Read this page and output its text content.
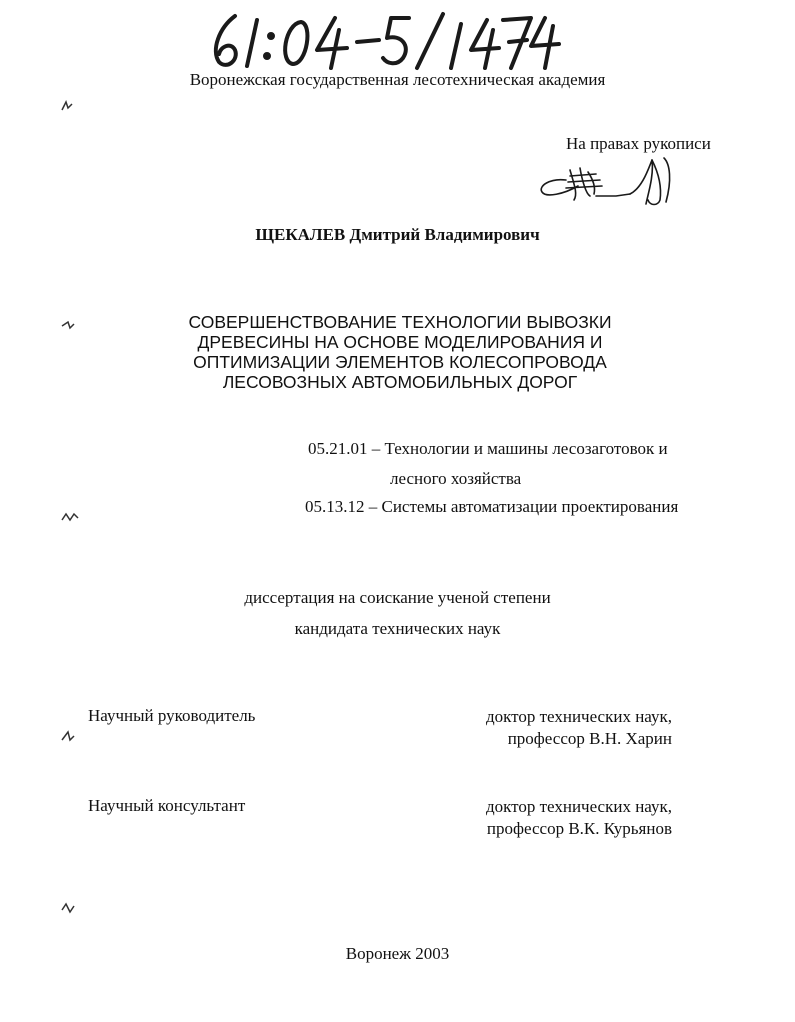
Воронежская государственная лесотехническая академия
На правах рукописи
ЩЕКАЛЕВ Дмитрий Владимирович
СОВЕРШЕНСТВОВАНИЕ ТЕХНОЛОГИИ ВЫВОЗКИ
ДРЕВЕСИНЫ НА ОСНОВЕ МОДЕЛИРОВАНИЯ И
ОПТИМИЗАЦИИ ЭЛЕМЕНТОВ КОЛЕСОПРОВОДА
ЛЕСОВОЗНЫХ АВТОМОБИЛЬНЫХ ДОРОГ
05.21.01 – Технологии и машины лесозаготовок и
лесного хозяйства
05.13.12 – Системы автоматизации проектирования
диссертация на соискание ученой степени
кандидата технических наук
Научный руководитель	доктор технических наук,
профессор В.Н. Харин
Научный консультант	доктор технических наук,
профессор В.К. Курьянов
Воронеж 2003
